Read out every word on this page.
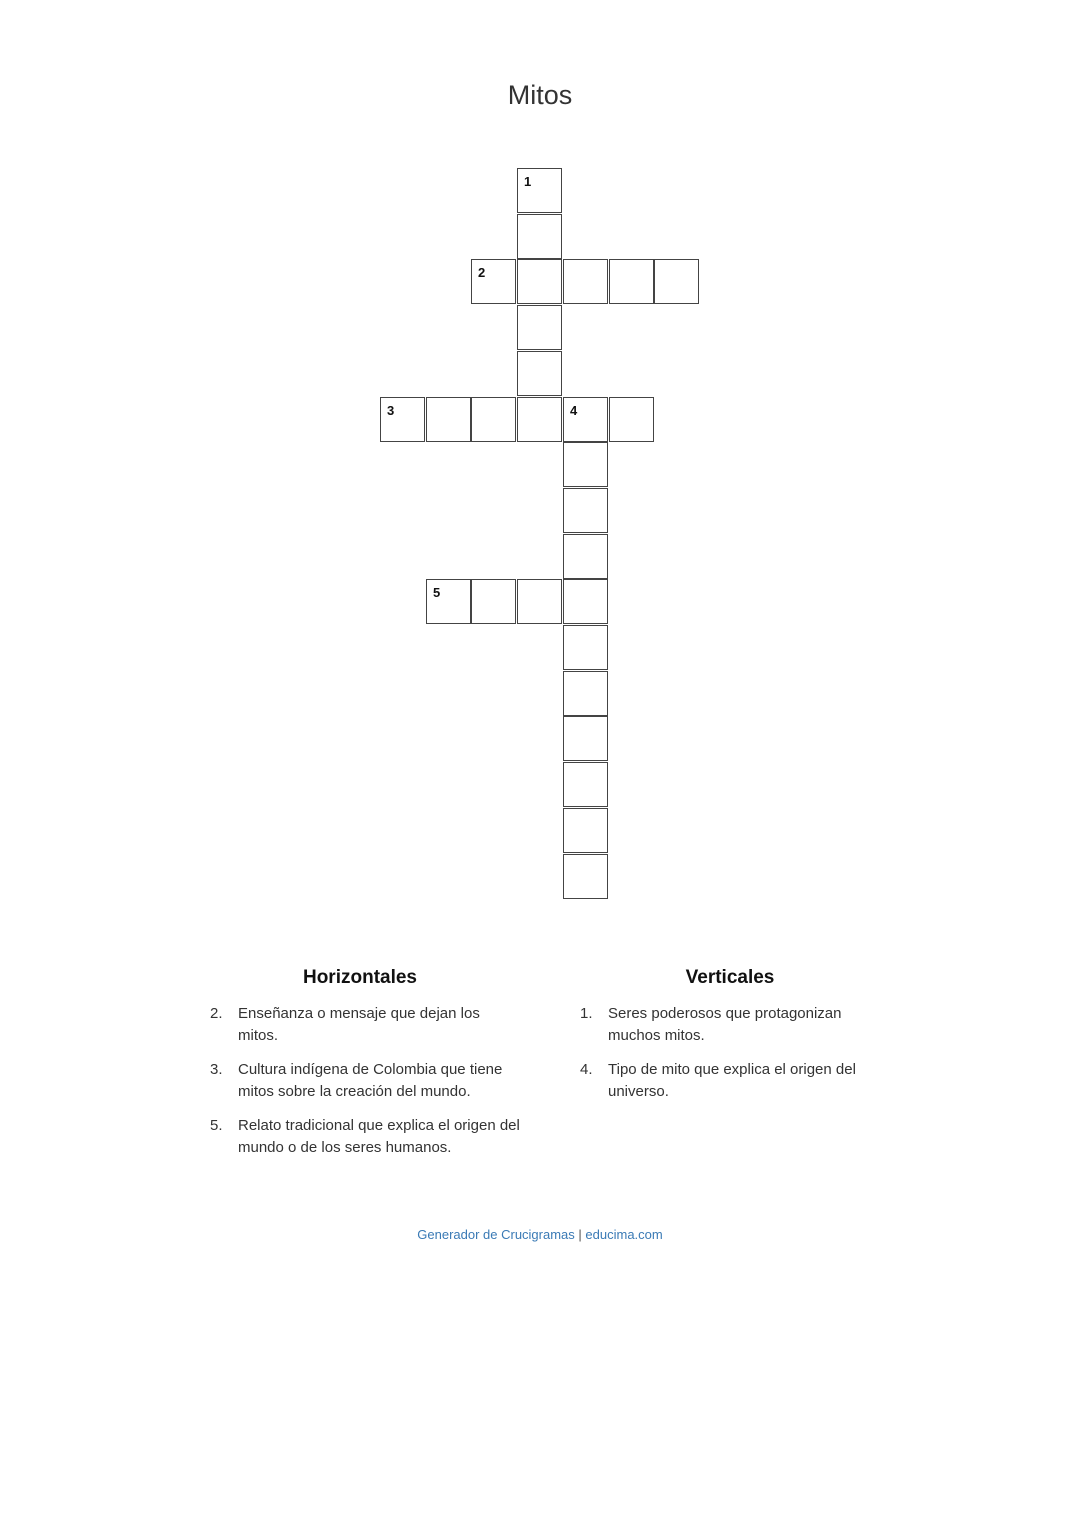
Mitos
1
2
3	4
5
Horizontales
2. Enseñanza o mensaje que dejan los mitos.
3. Cultura indígena de Colombia que tiene mitos sobre la creación del mundo.
5. Relato tradicional que explica el origen del mundo o de los seres humanos.
Verticales
1. Seres poderosos que protagonizan muchos mitos.
4. Tipo de mito que explica el origen del universo.
Generador de Crucigramas | educima.com
